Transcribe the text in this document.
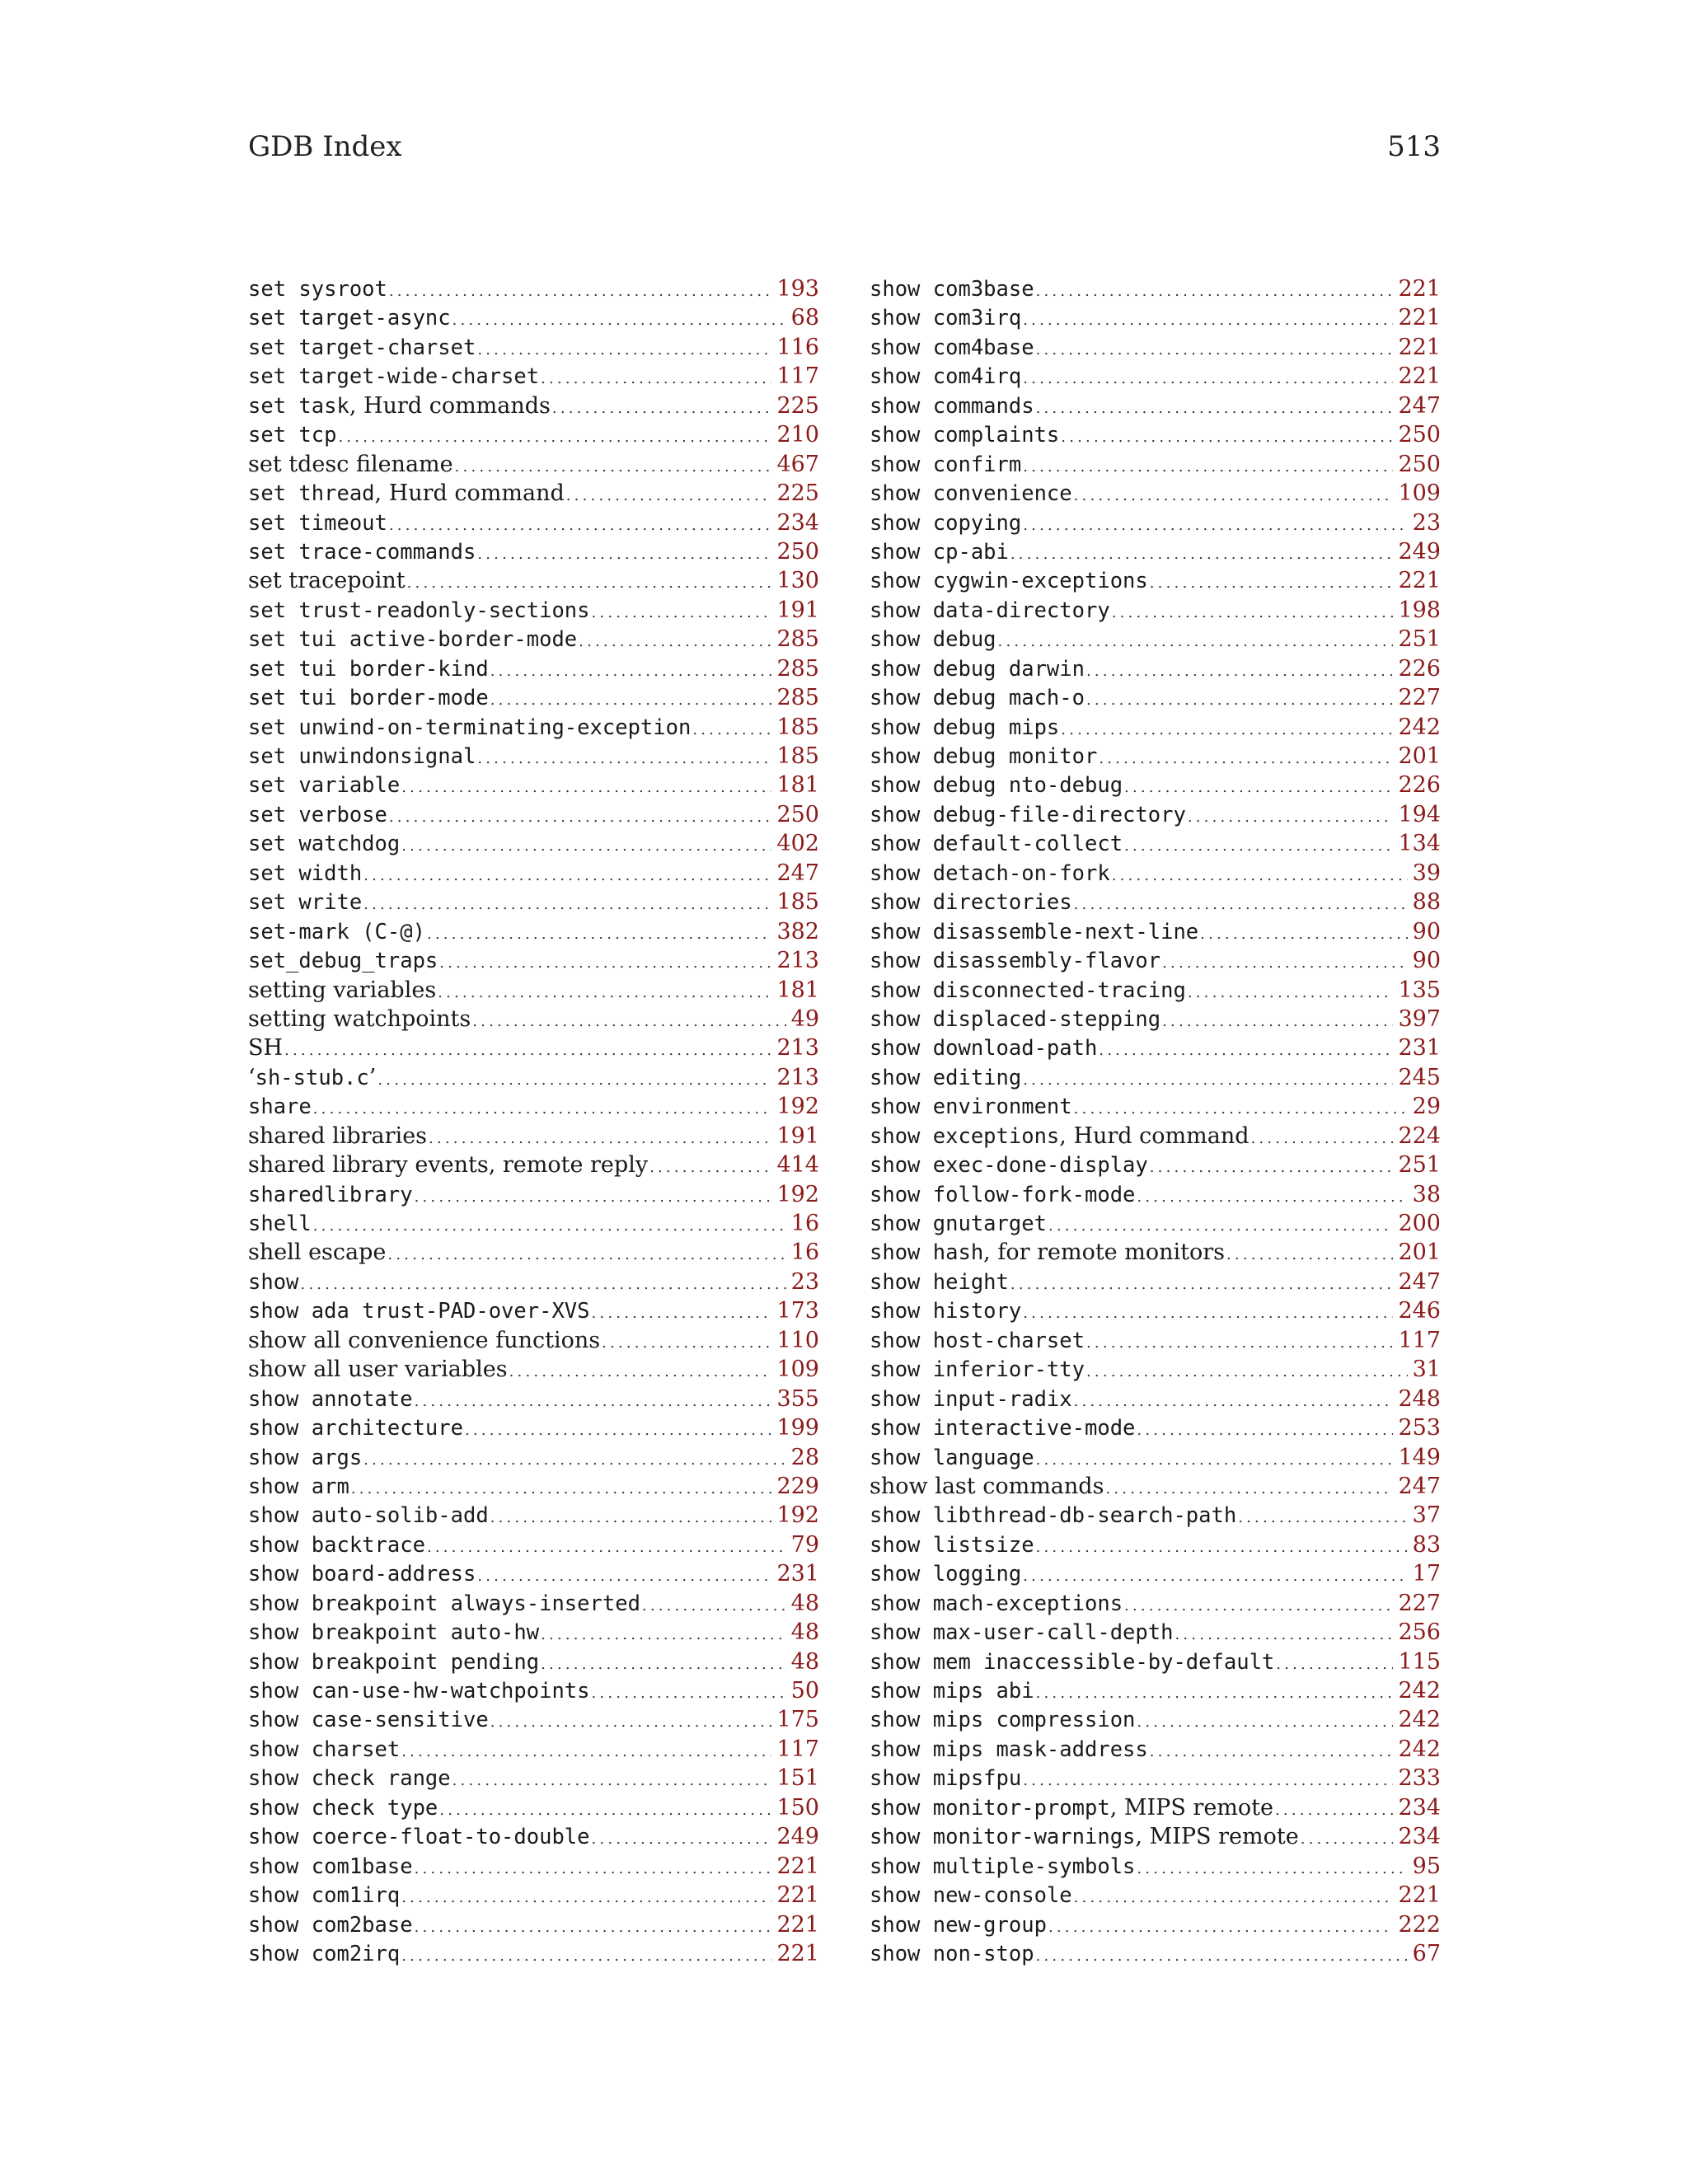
GDB Index	513
set sysroot .....	193
set target-async .....	68
set target-charset .....	116
set target-wide-charset .....	117
set task, Hurd commands .....	225
set tcp .....	210
set tdesc filename .....	467
set thread, Hurd command .....	225
set timeout .....	234
set trace-commands .....	250
set tracepoint .....	130
set trust-readonly-sections .....	191
set tui active-border-mode .....	285
set tui border-kind .....	285
set tui border-mode .....	285
set unwind-on-terminating-exception .....	185
set unwindonsignal .....	185
set variable .....	181
set verbose .....	250
set watchdog .....	402
set width .....	247
set write .....	185
set-mark (C-@) .....	382
set_debug_traps .....	213
setting variables .....	181
setting watchpoints .....	49
SH .....	213
‘sh-stub.c’ .....	213
share .....	192
shared libraries .....	191
shared library events, remote reply .....	414
sharedlibrary .....	192
shell .....	16
shell escape .....	16
show .....	23
show ada trust-PAD-over-XVS .....	173
show all convenience functions .....	110
show all user variables .....	109
show annotate .....	355
show architecture .....	199
show args .....	28
show arm .....	229
show auto-solib-add .....	192
show backtrace .....	79
show board-address .....	231
show breakpoint always-inserted .....	48
show breakpoint auto-hw .....	48
show breakpoint pending .....	48
show can-use-hw-watchpoints .....	50
show case-sensitive .....	175
show charset .....	117
show check range .....	151
show check type .....	150
show coerce-float-to-double .....	249
show com1base .....	221
show com1irq .....	221
show com2base .....	221
show com2irq .....	221
show com3base .....	221
show com3irq .....	221
show com4base .....	221
show com4irq .....	221
show commands .....	247
show complaints .....	250
show confirm .....	250
show convenience .....	109
show copying .....	23
show cp-abi .....	249
show cygwin-exceptions .....	221
show data-directory .....	198
show debug .....	251
show debug darwin .....	226
show debug mach-o .....	227
show debug mips .....	242
show debug monitor .....	201
show debug nto-debug .....	226
show debug-file-directory .....	194
show default-collect .....	134
show detach-on-fork .....	39
show directories .....	88
show disassemble-next-line .....	90
show disassembly-flavor .....	90
show disconnected-tracing .....	135
show displaced-stepping .....	397
show download-path .....	231
show editing .....	245
show environment .....	29
show exceptions, Hurd command .....	224
show exec-done-display .....	251
show follow-fork-mode .....	38
show gnutarget .....	200
show hash, for remote monitors .....	201
show height .....	247
show history .....	246
show host-charset .....	117
show inferior-tty .....	31
show input-radix .....	248
show interactive-mode .....	253
show language .....	149
show last commands .....	247
show libthread-db-search-path .....	37
show listsize .....	83
show logging .....	17
show mach-exceptions .....	227
show max-user-call-depth .....	256
show mem inaccessible-by-default .....	115
show mips abi .....	242
show mips compression .....	242
show mips mask-address .....	242
show mipsfpu .....	233
show monitor-prompt, MIPS remote .....	234
show monitor-warnings, MIPS remote .....	234
show multiple-symbols .....	95
show new-console .....	221
show new-group .....	222
show non-stop .....	67
